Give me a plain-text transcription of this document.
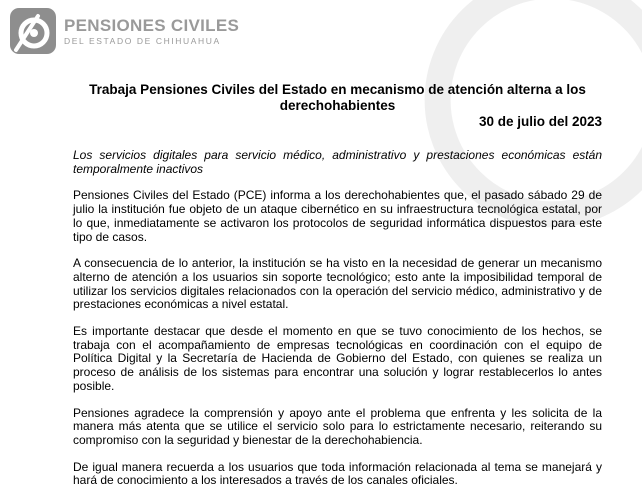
PENSIONES CIVILES
DEL ESTADO DE CHIHUAHUA

Trabaja Pensiones Civiles del Estado en mecanismo de atención alterna a los derechohabientes

30 de julio del 2023

Los servicios digitales para servicio médico, administrativo y prestaciones económicas están temporalmente inactivos

Pensiones Civiles del Estado (PCE) informa a los derechohabientes que, el pasado sábado 29 de julio la institución fue objeto de un ataque cibernético en su infraestructura tecnológica estatal, por lo que, inmediatamente se activaron los protocolos de seguridad informática dispuestos para este tipo de casos.

A consecuencia de lo anterior, la institución se ha visto en la necesidad de generar un mecanismo alterno de atención a los usuarios sin soporte tecnológico; esto ante la imposibilidad temporal de utilizar los servicios digitales relacionados con la operación del servicio médico, administrativo y de prestaciones económicas a nivel estatal.

Es importante destacar que desde el momento en que se tuvo conocimiento de los hechos, se trabaja con el acompañamiento de empresas tecnológicas en coordinación con el equipo de Política Digital y la Secretaría de Hacienda de Gobierno del Estado, con quienes se realiza un proceso de análisis de los sistemas para encontrar una solución y lograr restablecerlos lo antes posible.

Pensiones agradece la comprensión y apoyo ante el problema que enfrenta y les solicita de la manera más atenta que se utilice el servicio solo para lo estrictamente necesario, reiterando su compromiso con la seguridad y bienestar de la derechohabiencia.

De igual manera recuerda a los usuarios que toda información relacionada al tema se manejará y hará de conocimiento a los interesados a través de los canales oficiales.
